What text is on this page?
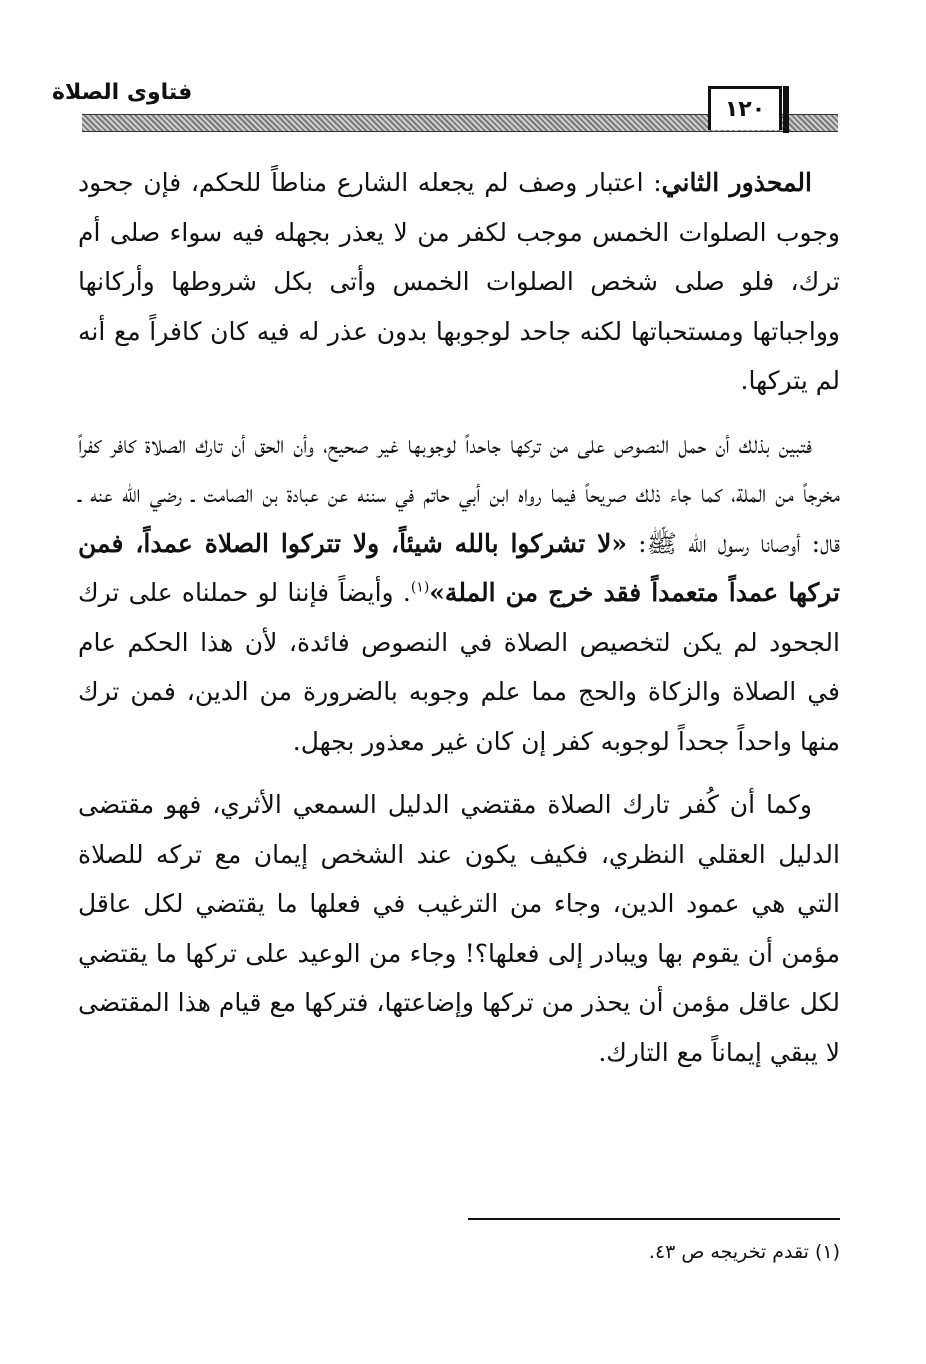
فتاوى الصلاة
١٢٠

المحذور الثاني: اعتبار وصف لم يجعله الشارع مناطاً للحكم، فإن جحود وجوب الصلوات الخمس موجب لكفر من لا يعذر بجهله فيه سواء صلى أم ترك، فلو صلى شخص الصلوات الخمس وأتى بكل شروطها وأركانها وواجباتها ومستحباتها لكنه جاحد لوجوبها بدون عذر له فيه كان كافراً مع أنه لم يتركها.

فتبين بذلك أن حمل النصوص على من تركها جاحداً لوجوبها غير صحيح، وأن الحق أن تارك الصلاة كافر كفراً مخرجاً من الملة، كما جاء ذلك صريحاً فيما رواه ابن أبي حاتم في سننه عن عبادة بن الصامت ـ رضي الله عنه ـ قال: أوصانا رسول الله ﷺ: «لا تشركوا بالله شيئاً، ولا تتركوا الصلاة عمداً، فمن تركها عمداً متعمداً فقد خرج من الملة»$^{(١)}$. وأيضاً فإننا لو حملناه على ترك الجحود لم يكن لتخصيص الصلاة في النصوص فائدة، لأن هذا الحكم عام في الصلاة والزكاة والحج مما علم وجوبه بالضرورة من الدين، فمن ترك منها واحداً جحداً لوجوبه كفر إن كان غير معذور بجهل.

وكما أن كُفر تارك الصلاة مقتضي الدليل السمعي الأثري، فهو مقتضى الدليل العقلي النظري، فكيف يكون عند الشخص إيمان مع تركه للصلاة التي هي عمود الدين، وجاء من الترغيب في فعلها ما يقتضي لكل عاقل مؤمن أن يقوم بها ويبادر إلى فعلها؟! وجاء من الوعيد على تركها ما يقتضي لكل عاقل مؤمن أن يحذر من تركها وإضاعتها، فتركها مع قيام هذا المقتضى لا يبقي إيماناً مع التارك.

(١) تقدم تخريجه ص ٤٣.
